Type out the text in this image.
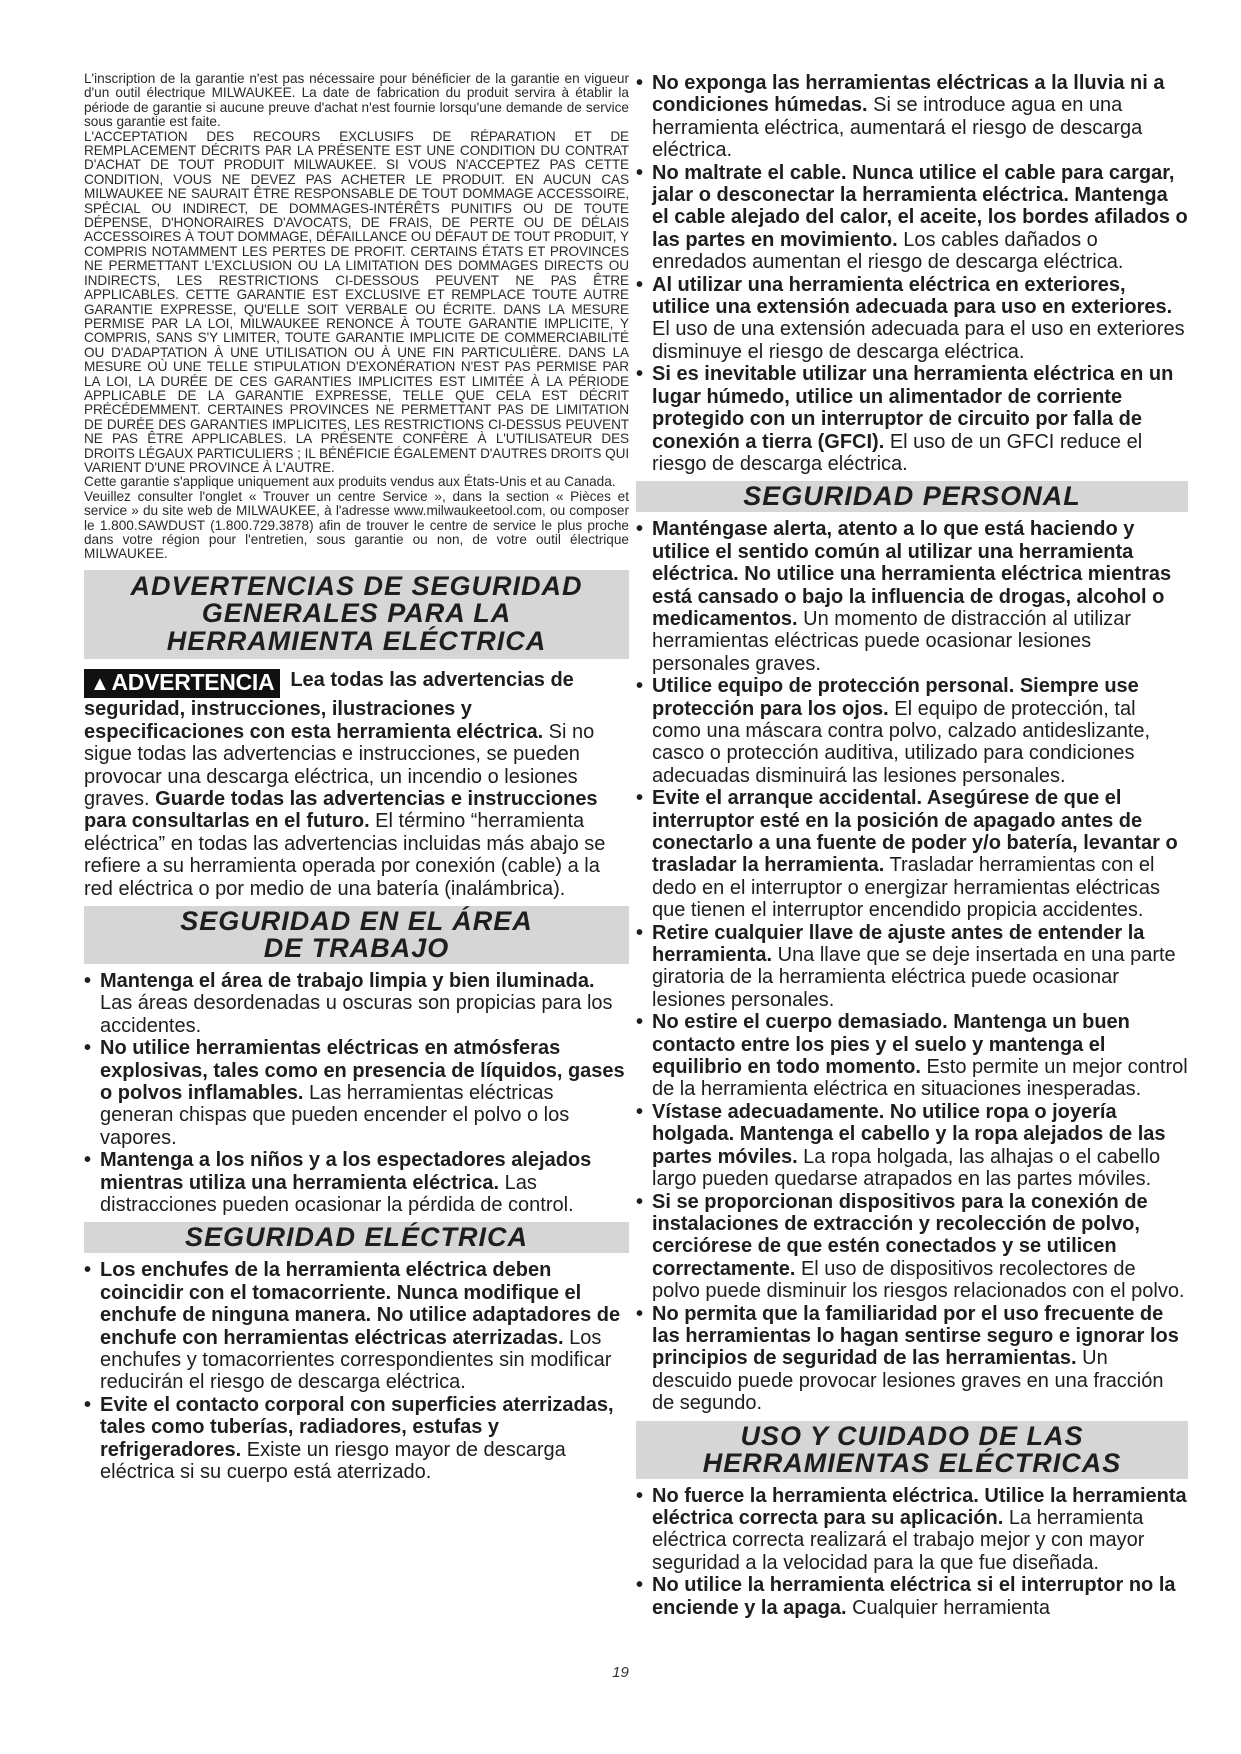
L'inscription de la garantie n'est pas nécessaire pour bénéficier de la garantie en vigueur d'un outil électrique MILWAUKEE. La date de fabrication du produit servira à établir la période de garantie si aucune preuve d'achat n'est fournie lorsqu'une demande de service sous garantie est faite.

L'ACCEPTATION DES RECOURS EXCLUSIFS DE RÉPARATION ET DE REMPLACEMENT DÉCRITS PAR LA PRÉSENTE EST UNE CONDITION DU CONTRAT D'ACHAT DE TOUT PRODUIT MILWAUKEE. SI VOUS N'ACCEPTEZ PAS CETTE CONDITION, VOUS NE DEVEZ PAS ACHETER LE PRODUIT. EN AUCUN CAS MILWAUKEE NE SAURAIT ÊTRE RESPONSABLE DE TOUT DOMMAGE ACCESSOIRE, SPÉCIAL OU INDIRECT, DE DOMMAGES-INTÉRÊTS PUNITIFS OU DE TOUTE DÉPENSE, D'HONORAIRES D'AVOCATS, DE FRAIS, DE PERTE OU DE DÉLAIS ACCESSOIRES À TOUT DOMMAGE, DÉFAILLANCE OU DÉFAUT DE TOUT PRODUIT, Y COMPRIS NOTAMMENT LES PERTES DE PROFIT. CERTAINS ÉTATS ET PROVINCES NE PERMETTANT L'EXCLUSION OU LA LIMITATION DES DOMMAGES DIRECTS OU INDIRECTS, LES RESTRICTIONS CI-DESSOUS PEUVENT NE PAS ÊTRE APPLICABLES. CETTE GARANTIE EST EXCLUSIVE ET REMPLACE TOUTE AUTRE GARANTIE EXPRESSE, QU'ELLE SOIT VERBALE OU ÉCRITE. DANS LA MESURE PERMISE PAR LA LOI, MILWAUKEE RENONCE À TOUTE GARANTIE IMPLICITE, Y COMPRIS, SANS S'Y LIMITER, TOUTE GARANTIE IMPLICITE DE COMMERCIABILITÉ OU D'ADAPTATION À UNE UTILISATION OU À UNE FIN PARTICULIÈRE. DANS LA MESURE OÙ UNE TELLE STIPULATION D'EXONÉRATION N'EST PAS PERMISE PAR LA LOI, LA DURÉE DE CES GARANTIES IMPLICITES EST LIMITÉE À LA PÉRIODE APPLICABLE DE LA GARANTIE EXPRESSE, TELLE QUE CELA EST DÉCRIT PRÉCÉDEMMENT. CERTAINES PROVINCES NE PERMETTANT PAS DE LIMITATION DE DURÉE DES GARANTIES IMPLICITES, LES RESTRICTIONS CI-DESSUS PEUVENT NE PAS ÊTRE APPLICABLES. LA PRÉSENTE CONFÈRE À L'UTILISATEUR DES DROITS LÉGAUX PARTICULIERS ; IL BÉNÉFICIE ÉGALEMENT D'AUTRES DROITS QUI VARIENT D'UNE PROVINCE À L'AUTRE.

Cette garantie s'applique uniquement aux produits vendus aux États-Unis et au Canada.

Veuillez consulter l'onglet « Trouver un centre Service », dans la section « Pièces et service » du site web de MILWAUKEE, à l'adresse www.milwaukeetool.com, ou composer le 1.800.SAWDUST (1.800.729.3878) afin de trouver le centre de service le plus proche dans votre région pour l'entretien, sous garantie ou non, de votre outil électrique MILWAUKEE.

ADVERTENCIAS DE SEGURIDAD
GENERALES PARA LA
HERRAMIENTA ELÉCTRICA

▲ADVERTENCIA Lea todas las advertencias de seguridad, instrucciones, ilustraciones y especificaciones con esta herramienta eléctrica. Si no sigue todas las advertencias e instrucciones, se pueden provocar una descarga eléctrica, un incendio o lesiones graves. Guarde todas las advertencias e instrucciones para consultarlas en el futuro. El término “herramienta eléctrica” en todas las advertencias incluidas más abajo se refiere a su herramienta operada por conexión (cable) a la red eléctrica o por medio de una batería (inalámbrica).

SEGURIDAD EN EL ÁREA
DE TRABAJO

• Mantenga el área de trabajo limpia y bien iluminada. Las áreas desordenadas u oscuras son propicias para los accidentes.

• No utilice herramientas eléctricas en atmósferas explosivas, tales como en presencia de líquidos, gases o polvos inflamables. Las herramientas eléctricas generan chispas que pueden encender el polvo o los vapores.

• Mantenga a los niños y a los espectadores alejados mientras utiliza una herramienta eléctrica. Las distracciones pueden ocasionar la pérdida de control.

SEGURIDAD ELÉCTRICA

• Los enchufes de la herramienta eléctrica deben coincidir con el tomacorriente. Nunca modifique el enchufe de ninguna manera. No utilice adaptadores de enchufe con herramientas eléctricas aterrizadas. Los enchufes y tomacorrientes correspondientes sin modificar reducirán el riesgo de descarga eléctrica.

• Evite el contacto corporal con superficies aterrizadas, tales como tuberías, radiadores, estufas y refrigeradores. Existe un riesgo mayor de descarga eléctrica si su cuerpo está aterrizado.

• No exponga las herramientas eléctricas a la lluvia ni a condiciones húmedas. Si se introduce agua en una herramienta eléctrica, aumentará el riesgo de descarga eléctrica.

• No maltrate el cable. Nunca utilice el cable para cargar, jalar o desconectar la herramienta eléctrica. Mantenga el cable alejado del calor, el aceite, los bordes afilados o las partes en movimiento. Los cables dañados o enredados aumentan el riesgo de descarga eléctrica.

• Al utilizar una herramienta eléctrica en exteriores, utilice una extensión adecuada para uso en exteriores. El uso de una extensión adecuada para el uso en exteriores disminuye el riesgo de descarga eléctrica.

• Si es inevitable utilizar una herramienta eléctrica en un lugar húmedo, utilice un alimentador de corriente protegido con un interruptor de circuito por falla de conexión a tierra (GFCI). El uso de un GFCI reduce el riesgo de descarga eléctrica.

SEGURIDAD PERSONAL

• Manténgase alerta, atento a lo que está haciendo y utilice el sentido común al utilizar una herramienta eléctrica. No utilice una herramienta eléctrica mientras está cansado o bajo la influencia de drogas, alcohol o medicamentos. Un momento de distracción al utilizar herramientas eléctricas puede ocasionar lesiones personales graves.

• Utilice equipo de protección personal. Siempre use protección para los ojos. El equipo de protección, tal como una máscara contra polvo, calzado antideslizante, casco o protección auditiva, utilizado para condiciones adecuadas disminuirá las lesiones personales.

• Evite el arranque accidental. Asegúrese de que el interruptor esté en la posición de apagado antes de conectarlo a una fuente de poder y/o batería, levantar o trasladar la herramienta. Trasladar herramientas con el dedo en el interruptor o energizar herramientas eléctricas que tienen el interruptor encendido propicia accidentes.

• Retire cualquier llave de ajuste antes de entender la herramienta. Una llave que se deje insertada en una parte giratoria de la herramienta eléctrica puede ocasionar lesiones personales.

• No estire el cuerpo demasiado. Mantenga un buen contacto entre los pies y el suelo y mantenga el equilibrio en todo momento. Esto permite un mejor control de la herramienta eléctrica en situaciones inesperadas.

• Vístase adecuadamente. No utilice ropa o joyería holgada. Mantenga el cabello y la ropa alejados de las partes móviles. La ropa holgada, las alhajas o el cabello largo pueden quedarse atrapados en las partes móviles.

• Si se proporcionan dispositivos para la conexión de instalaciones de extracción y recolección de polvo, cerciórese de que estén conectados y se utilicen correctamente. El uso de dispositivos recolectores de polvo puede disminuir los riesgos relacionados con el polvo.

• No permita que la familiaridad por el uso frecuente de las herramientas lo hagan sentirse seguro e ignorar los principios de seguridad de las herramientas. Un descuido puede provocar lesiones graves en una fracción de segundo.

USO Y CUIDADO DE LAS
HERRAMIENTAS ELÉCTRICAS

• No fuerce la herramienta eléctrica. Utilice la herramienta eléctrica correcta para su aplicación. La herramienta eléctrica correcta realizará el trabajo mejor y con mayor seguridad a la velocidad para la que fue diseñada.

• No utilice la herramienta eléctrica si el interruptor no la enciende y la apaga. Cualquier herramienta

19
